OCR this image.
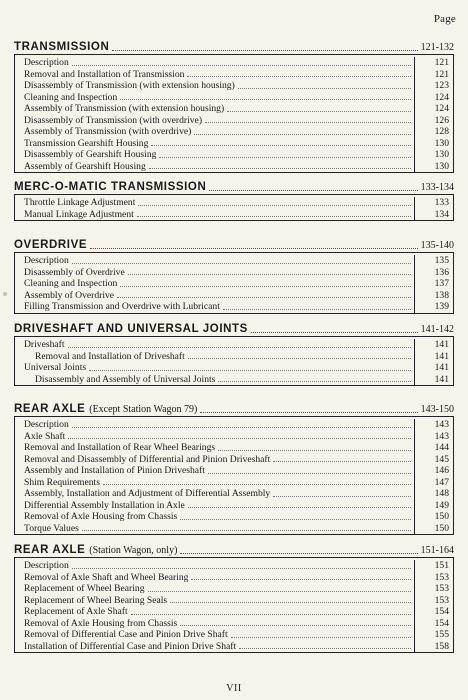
Page
TRANSMISSION	121-132
Description	121
Removal and Installation of Transmission	121
Disassembly of Transmission (with extension housing)	123
Cleaning and Inspection	124
Assembly of Transmission (with extension housing)	124
Disassembly of Transmission (with overdrive)	126
Assembly of Transmission (with overdrive)	128
Transmission Gearshift Housing	130
Disassembly of Gearshift Housing	130
Assembly of Gearshift Housing	130
MERC-O-MATIC TRANSMISSION	133-134
Throttle Linkage Adjustment	133
Manual Linkage Adjustment	134
OVERDRIVE	135-140
Description	135
Disassembly of Overdrive	136
Cleaning and Inspection	137
Assembly of Overdrive	138
Filling Transmission and Overdrive with Lubricant	139
DRIVESHAFT AND UNIVERSAL JOINTS	141-142
Driveshaft	141
Removal and Installation of Driveshaft	141
Universal Joints	141
Disassembly and Assembly of Universal Joints	141
REAR AXLE (Except Station Wagon 79)	143-150
Description	143
Axle Shaft	143
Removal and Installation of Rear Wheel Bearings	144
Removal and Disassembly of Differential and Pinion Driveshaft	145
Assembly and Installation of Pinion Driveshaft	146
Shim Requirements	147
Assembly, Installation and Adjustment of Differential Assembly	148
Differential Assembly Installation in Axle	149
Removal of Axle Housing from Chassis	150
Torque Values	150
REAR AXLE (Station Wagon, only)	151-164
Description	151
Removal of Axle Shaft and Wheel Bearing	153
Replacement of Wheel Bearing	153
Replacement of Wheel Bearing Seals	153
Replacement of Axle Shaft	154
Removal of Axle Housing from Chassis	154
Removal of Differential Case and Pinion Drive Shaft	155
Installation of Differential Case and Pinion Drive Shaft	158
VII
